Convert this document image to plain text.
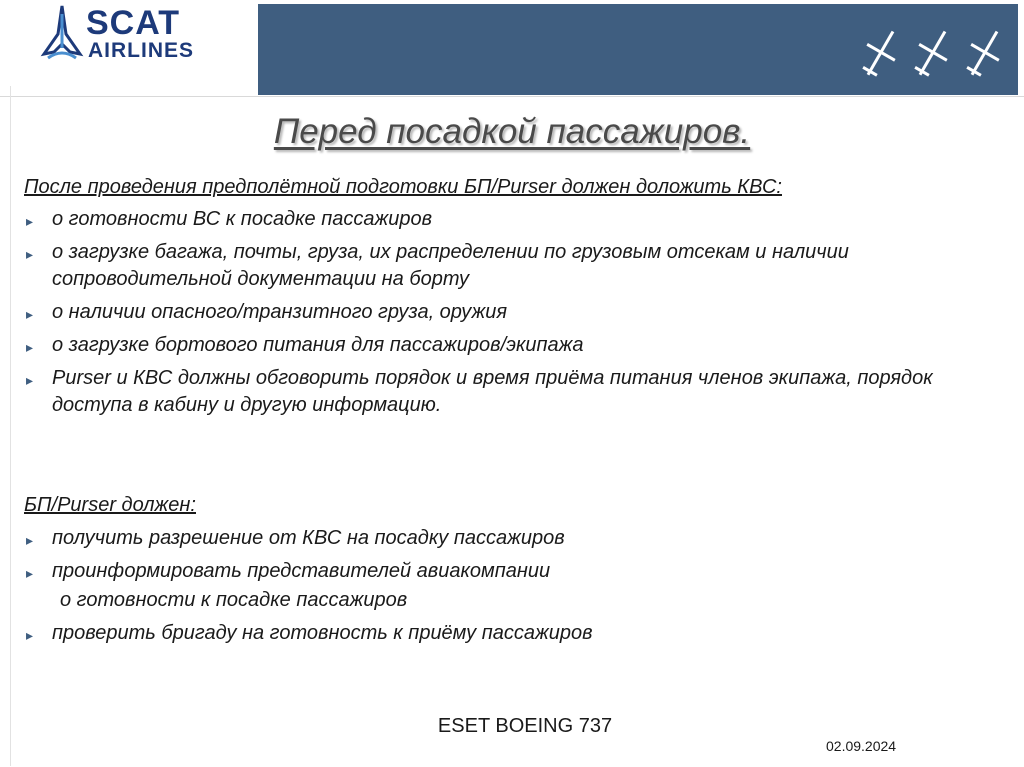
SCAT
AIRLINES
Перед посадкой пассажиров.
После проведения предполётной подготовки БП/Purser должен доложить КВС:
▸ о готовности ВС к посадке пассажиров
▸ о загрузке багажа, почты, груза, их распределении по грузовым отсекам и наличии сопроводительной документации на борту
▸ о наличии опасного/транзитного груза, оружия
▸ о загрузке бортового питания для пассажиров/экипажа
▸ Purser и КВС должны обговорить порядок и время приёма питания членов экипажа, порядок доступа в кабину и другую информацию.
БП/Purser должен:
▸ получить разрешение от КВС на посадку пассажиров
▸ проинформировать представителей авиакомпании
о готовности к посадке пассажиров
▸ проверить бригаду на готовность к приёму пассажиров
ESET BOEING 737
02.09.2024
